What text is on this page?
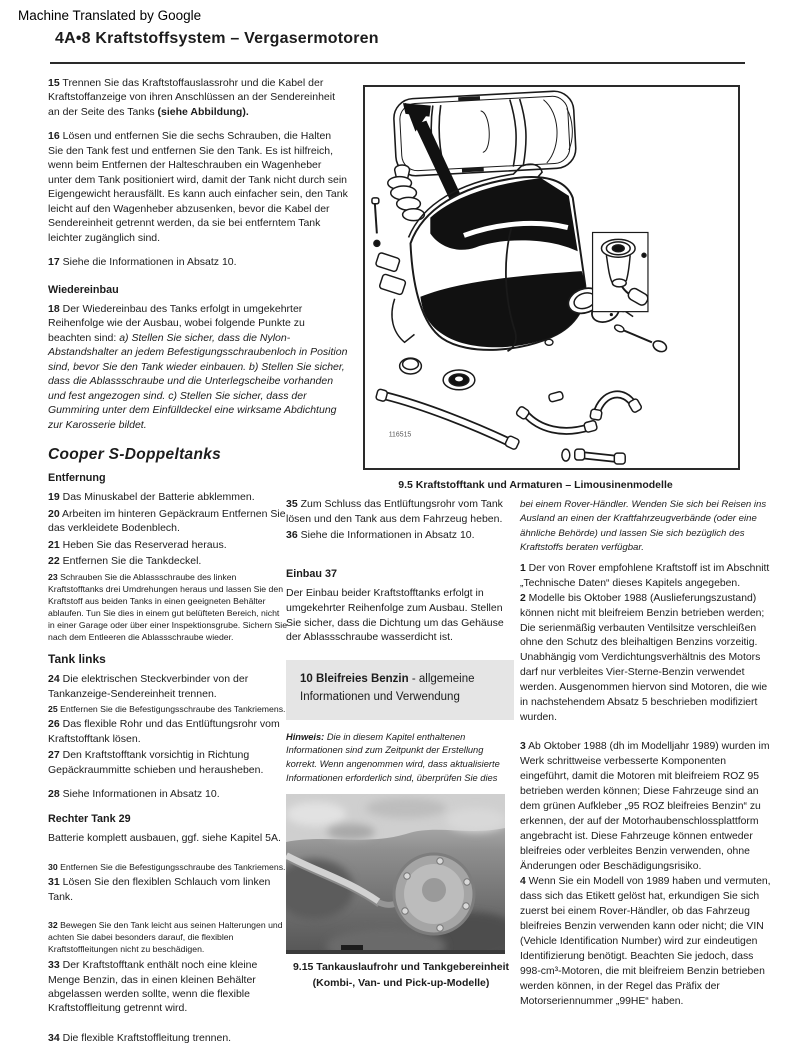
Machine Translated by Google
4A•8 Kraftstoffsystem – Vergasermotoren

15 Trennen Sie das Kraftstoffauslassrohr und die Kabel der Kraftstoffanzeige von ihren Anschlüssen an der Sendereinheit an der Seite des Tanks (siehe Abbildung).

16 Lösen und entfernen Sie die sechs Schrauben, die Halten Sie den Tank fest und entfernen Sie den Tank. Es ist hilfreich, wenn beim Entfernen der Halteschrauben ein Wagenheber unter dem Tank positioniert wird, damit der Tank nicht durch sein Eigengewicht herausfällt. Es kann auch einfacher sein, den Tank leicht auf den Wagenheber abzusenken, bevor die Kabel der Sendereinheit getrennt werden, da sie bei entferntem Tank leichter zugänglich sind.

17 Siehe die Informationen in Absatz 10.

Wiedereinbau

18 Der Wiedereinbau des Tanks erfolgt in umgekehrter Reihenfolge wie der Ausbau, wobei folgende Punkte zu beachten sind: a) Stellen Sie sicher, dass die Nylon-Abstandshalter an jedem Befestigungsschraubenloch in Position sind, bevor Sie den Tank wieder einbauen. b) Stellen Sie sicher, dass die Ablassschraube und die Unterlegscheibe vorhanden und fest angezogen sind. c) Stellen Sie sicher, dass der Gummiring unter dem Einfülldeckel eine wirksame Abdichtung zur Karosserie bildet.

Cooper S-Doppeltanks
Entfernung

19 Das Minuskabel der Batterie abklemmen.

20 Arbeiten im hinteren Gepäckraum Entfernen Sie das verkleidete Bodenblech.

21 Heben Sie das Reserverad heraus.

22 Entfernen Sie die Tankdeckel.

23 Schrauben Sie die Ablassschraube des linken Kraftstofftanks drei Umdrehungen heraus und lassen Sie den Kraftstoff aus beiden Tanks in einen geeigneten Behälter ablaufen. Tun Sie dies in einem gut belüfteten Bereich, nicht in einer Garage oder über einer Inspektionsgrube. Sichern Sie nach dem Entleeren die Ablassschraube wieder.

Tank links

24 Die elektrischen Steckverbinder von der Tankanzeige-Sendereinheit trennen.

25 Entfernen Sie die Befestigungsschraube des Tankriemens.

26 Das flexible Rohr und das Entlüftungsrohr vom Kraftstofftank lösen.

27 Den Kraftstofftank vorsichtig in Richtung Gepäckraummitte schieben und herausheben.

28 Siehe Informationen in Absatz 10.

Rechter Tank 29

Batterie komplett ausbauen, ggf. siehe Kapitel 5A.

30 Entfernen Sie die Befestigungsschraube des Tankriemens.

31 Lösen Sie den flexiblen Schlauch vom linken Tank.

32 Bewegen Sie den Tank leicht aus seinen Halterungen und achten Sie dabei besonders darauf, die flexiblen Kraftstoffleitungen nicht zu beschädigen.

33 Der Kraftstofftank enthält noch eine kleine Menge Benzin, das in einen kleinen Behälter abgelassen werden sollte, wenn die flexible Kraftstoffleitung getrennt wird.

34 Die flexible Kraftstoffleitung trennen.

116515
9.5 Kraftstofftank und Armaturen – Limousinenmodelle

35 Zum Schluss das Entlüftungsrohr vom Tank lösen und den Tank aus dem Fahrzeug heben.

36 Siehe die Informationen in Absatz 10.

Einbau 37

Der Einbau beider Kraftstofftanks erfolgt in umgekehrter Reihenfolge zum Ausbau. Stellen Sie sicher, dass die Dichtung um das Gehäuse der Ablassschraube wasserdicht ist.

10 Bleifreies Benzin - allgemeine Informationen und Verwendung

Hinweis: Die in diesem Kapitel enthaltenen Informationen sind zum Zeitpunkt der Erstellung korrekt. Wenn angenommen wird, dass aktualisierte Informationen erforderlich sind, überprüfen Sie dies

9.15 Tankauslaufrohr und Tankgebereinheit
(Kombi-, Van- und Pick-up-Modelle)

bei einem Rover-Händler. Wenden Sie sich bei Reisen ins Ausland an einen der Kraftfahrzeugverbände (oder eine ähnliche Behörde) und lassen Sie sich bezüglich des Kraftstoffs beraten verfügbar.

1 Der von Rover empfohlene Kraftstoff ist im Abschnitt „Technische Daten“ dieses Kapitels angegeben.

2 Modelle bis Oktober 1988 (Auslieferungszustand) können nicht mit bleifreiem Benzin betrieben werden; Die serienmäßig verbauten Ventilsitze verschleißen ohne den Schutz des bleihaltigen Benzins vorzeitig. Unabhängig vom Verdichtungsverhältnis des Motors darf nur verbleites Vier-Sterne-Benzin verwendet werden. Ausgenommen hiervon sind Motoren, die wie in nachstehendem Absatz 5 beschrieben modifiziert wurden.

3 Ab Oktober 1988 (dh im Modelljahr 1989) wurden im Werk schrittweise verbesserte Komponenten eingeführt, damit die Motoren mit bleifreiem ROZ 95 betrieben werden können; Diese Fahrzeuge sind an dem grünen Aufkleber „95 ROZ bleifreies Benzin“ zu erkennen, der auf der Motorhaubenschlossplattform angebracht ist. Diese Fahrzeuge können entweder bleifreies oder verbleites Benzin verwenden, ohne Änderungen oder Beschädigungsrisiko.

4 Wenn Sie ein Modell von 1989 haben und vermuten, dass sich das Etikett gelöst hat, erkundigen Sie sich zuerst bei einem Rover-Händler, ob das Fahrzeug bleifreies Benzin verwenden kann oder nicht; die VIN (Vehicle Identification Number) wird zur eindeutigen Identifizierung benötigt. Beachten Sie jedoch, dass 998-cm³-Motoren, die mit bleifreiem Benzin betrieben werden können, in der Regel das Präfix der Motorseriennummer „99HE“ haben.
